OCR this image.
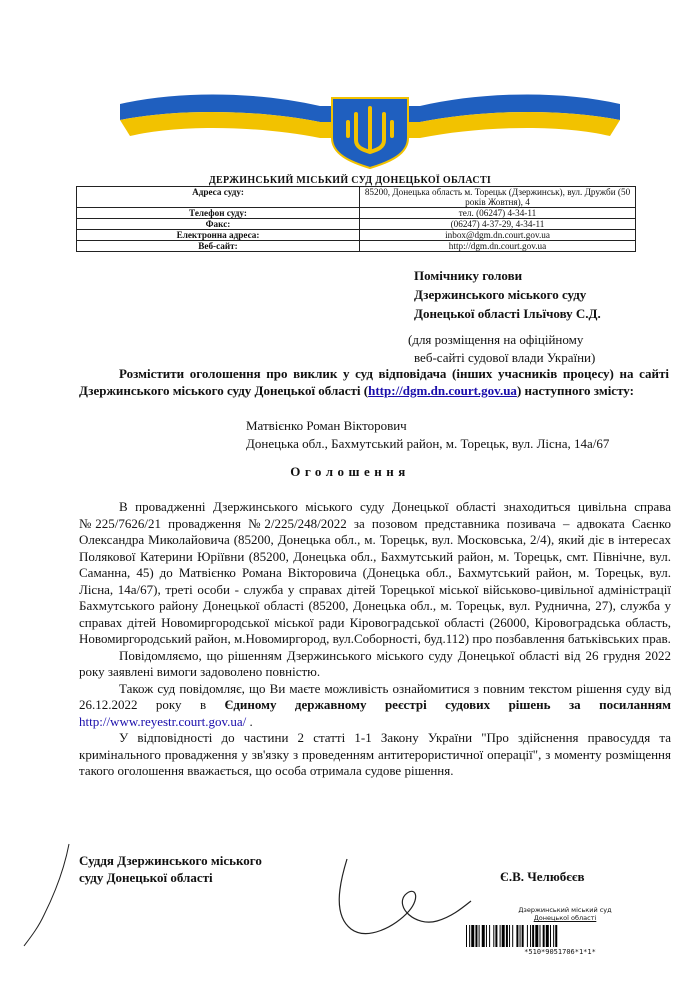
ДЕРЖИНСЬКИЙ МІСЬКИЙ СУД ДОНЕЦЬКОЇ ОБЛАСТІ
Адреса суду:	85200, Донецька область м. Торецьк (Дзержинськ), вул. Дружби (50 років Жовтня), 4
Телефон суду:	тел. (06247) 4-34-11
Факс:	(06247) 4-37-29, 4-34-11
Електронна адреса:	inbox@dgm.dn.court.gov.ua
Веб-сайт:	http://dgm.dn.court.gov.ua
Помічнику голови
Дзержинського міського суду
Донецької області Ільїчову С.Д.
(для розміщення на офіційному
веб-сайті судової влади України)
Розмістити оголошення про виклик у суд відповідача (інших учасників процесу) на сайті Дзержинського міського суду Донецької області (http://dgm.dn.court.gov.ua) наступного змісту:
Матвієнко Роман Вікторович
Донецька обл., Бахмутський район, м. Торецьк, вул. Лісна, 14а/67
Оголошення

В провадженні Дзержинського міського суду Донецької області знаходиться цивільна справа №225/7626/21 провадження №2/225/248/2022 за позовом представника позивача – адвоката Саєнко Олександра Миколайовича (85200, Донецька обл., м. Торецьк, вул. Московська, 2/4), який діє в інтересах Полякової Катерини Юріївни (85200, Донецька обл., Бахмутський район, м. Торецьк, смт. Північне, вул. Саманна, 45) до Матвієнко Романа Вікторовича (Донецька обл., Бахмутський район, м. Торецьк, вул. Лісна, 14а/67), треті особи - служба у справах дітей Торецької міської військово-цивільної адміністрації Бахмутського району Донецької області (85200, Донецька обл., м. Торецьк, вул. Руднична, 27), служба у справах дітей Новомиргородської міської ради Кіровоградської області (26000, Кіровоградська область, Новомиргородський район, м.Новомиргород, вул.Соборності, буд.112) про позбавлення батьківських прав.

Повідомляємо, що рішенням Дзержинського міського суду Донецької області від 26 грудня 2022 року заявлені вимоги задоволено повністю.

Також суд повідомляє, що Ви маєте можливість ознайомитися з повним текстом рішення суду від 26.12.2022 року в Єдиному державному реєстрі судових рішень за посиланням http://www.reyestr.court.gov.ua/ .

У відповідності до частини 2 статті 1-1 Закону України "Про здійснення правосуддя та кримінального провадження у зв'язку з проведенням антитерористичної операції", з моменту розміщення такого оголошення вважається, що особа отримала судове рішення.

Суддя Дзержинського міського
суду Донецької області	Є.В. Челюбєєв
Дзержинський міський суд
Донецької області
*510*9051706*1*1*
